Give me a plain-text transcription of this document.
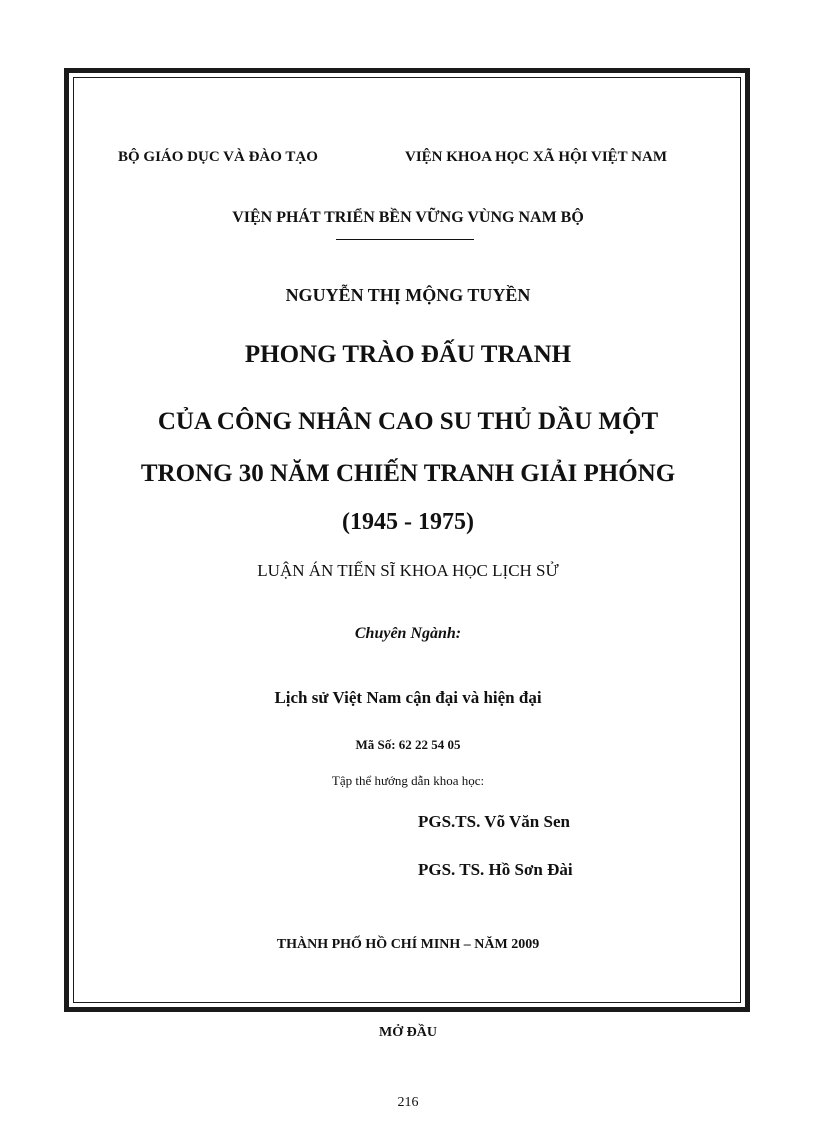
BỘ GIÁO DỤC VÀ ĐÀO TẠO	VIỆN KHOA HỌC XÃ HỘI VIỆT NAM
VIỆN PHÁT TRIỂN BỀN VỮNG VÙNG NAM BỘ
NGUYỄN THỊ MỘNG TUYỀN
PHONG TRÀO ĐẤU TRANH
CỦA CÔNG NHÂN CAO SU THỦ DẦU MỘT
TRONG 30 NĂM CHIẾN TRANH GIẢI PHÓNG
(1945 - 1975)
LUẬN ÁN TIẾN SĨ KHOA HỌC LỊCH SỬ
Chuyên Ngành:
Lịch sử Việt Nam cận đại và hiện đại
Mã Số: 62 22 54 05
Tập thể hướng dẫn khoa học:
PGS.TS. Võ Văn Sen
PGS. TS. Hồ Sơn Đài
THÀNH PHỐ HỒ CHÍ MINH – NĂM 2009
MỞ ĐẦU
216
